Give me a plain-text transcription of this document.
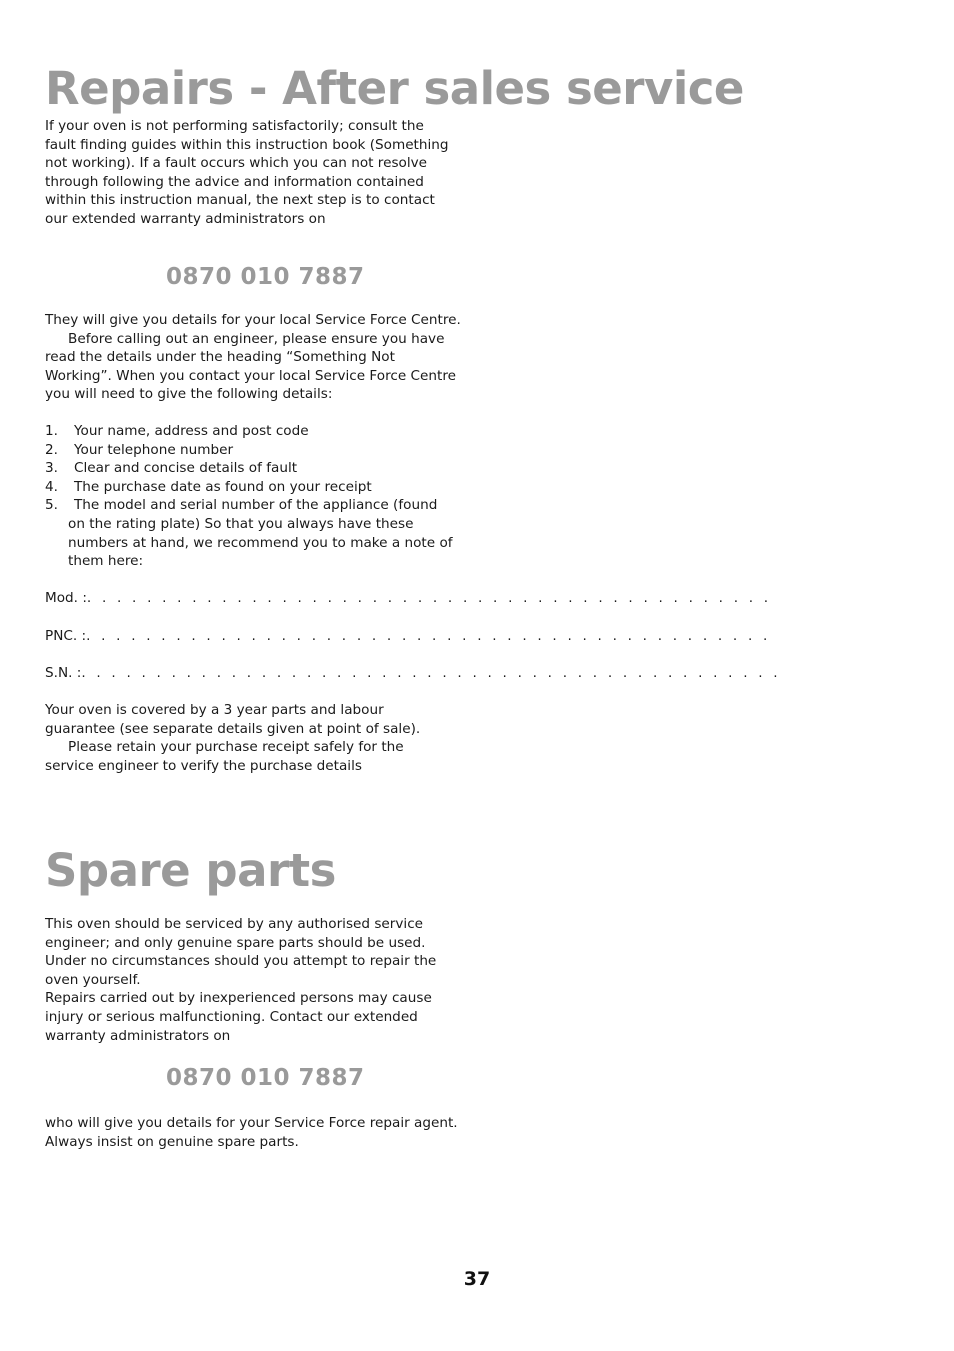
Repairs - After sales service

If your oven is not performing satisfactorily; consult the fault finding guides within this instruction book (Something not working). If a fault occurs which you can not resolve through following the advice and information contained within this instruction manual, the next step is to contact our extended warranty administrators on

0870 010 7887

They will give you details for your local Service Force Centre.

Before calling out an engineer, please ensure you have read the details under the heading “Something Not Working”. When you contact your local Service Force Centre you will need to give the following details:

1. Your name, address and post code
2. Your telephone number
3. Clear and concise details of fault
4. The purchase date as found on your receipt
5. The model and serial number of the appliance (found on the rating plate) So that you always have these numbers at hand, we recommend you to make a note of them here:
Mod. :. . . . . . . . . . . . . . . . . . . . . . . . . . . . . . . . . . . . . . . . . . . . . .
PNC. :. . . . . . . . . . . . . . . . . . . . . . . . . . . . . . . . . . . . . . . . . . . . . .
S.N. :. . . . . . . . . . . . . . . . . . . . . . . . . . . . . . . . . . . . . . . . . . . . . . .

Your oven is covered by a 3 year parts and labour guarantee (see separate details given at point of sale).

Please retain your purchase receipt safely for the service engineer to verify the purchase details

Spare parts

This oven should be serviced by any authorised service engineer; and only genuine spare parts should be used.

Under no circumstances should you attempt to repair the oven yourself.

Repairs carried out by inexperienced persons may cause injury or serious malfunctioning. Contact our extended warranty administrators on

0870 010 7887

who will give you details for your Service Force repair agent. Always insist on genuine spare parts.

37
